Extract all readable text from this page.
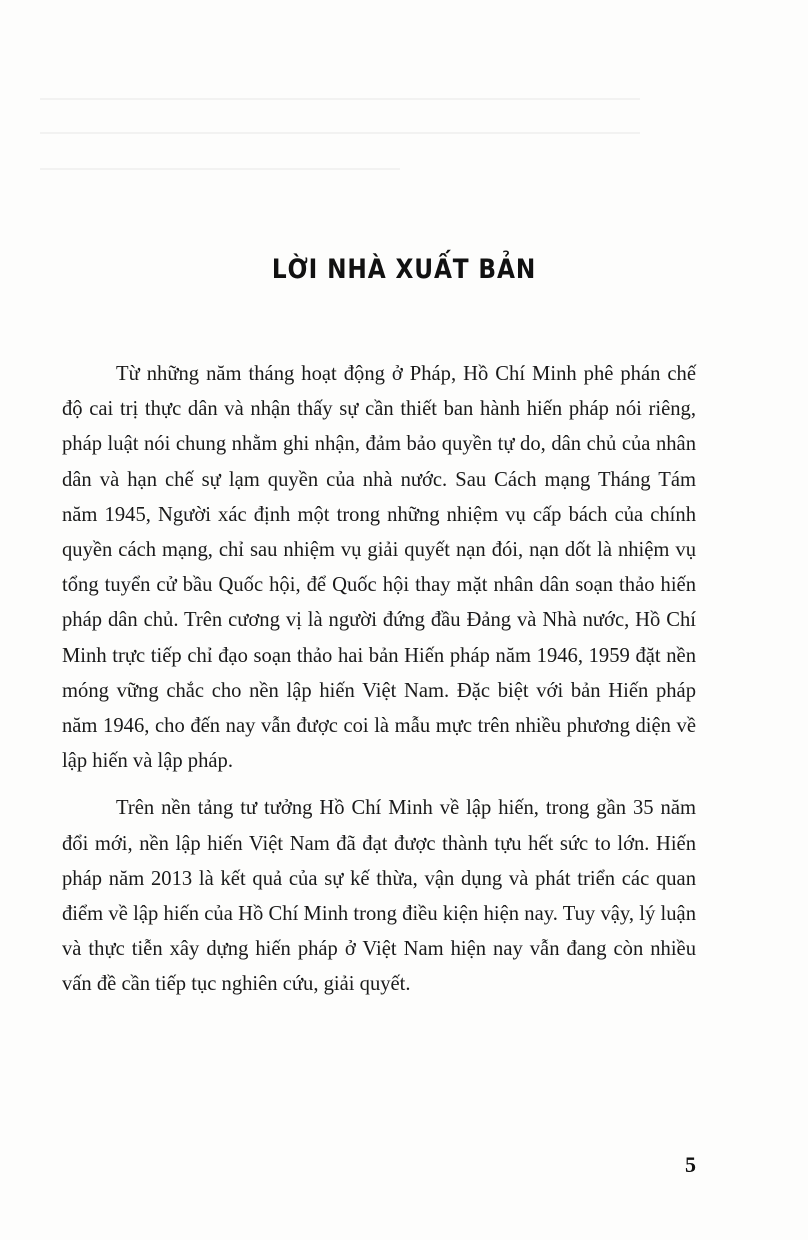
LỜI NHÀ XUẤT BẢN

Từ những năm tháng hoạt động ở Pháp, Hồ Chí Minh phê phán chế độ cai trị thực dân và nhận thấy sự cần thiết ban hành hiến pháp nói riêng, pháp luật nói chung nhằm ghi nhận, đảm bảo quyền tự do, dân chủ của nhân dân và hạn chế sự lạm quyền của nhà nước. Sau Cách mạng Tháng Tám năm 1945, Người xác định một trong những nhiệm vụ cấp bách của chính quyền cách mạng, chỉ sau nhiệm vụ giải quyết nạn đói, nạn dốt là nhiệm vụ tổng tuyển cử bầu Quốc hội, để Quốc hội thay mặt nhân dân soạn thảo hiến pháp dân chủ. Trên cương vị là người đứng đầu Đảng và Nhà nước, Hồ Chí Minh trực tiếp chỉ đạo soạn thảo hai bản Hiến pháp năm 1946, 1959 đặt nền móng vững chắc cho nền lập hiến Việt Nam. Đặc biệt với bản Hiến pháp năm 1946, cho đến nay vẫn được coi là mẫu mực trên nhiều phương diện về lập hiến và lập pháp.

Trên nền tảng tư tưởng Hồ Chí Minh về lập hiến, trong gần 35 năm đổi mới, nền lập hiến Việt Nam đã đạt được thành tựu hết sức to lớn. Hiến pháp năm 2013 là kết quả của sự kế thừa, vận dụng và phát triển các quan điểm về lập hiến của Hồ Chí Minh trong điều kiện hiện nay. Tuy vậy, lý luận và thực tiễn xây dựng hiến pháp ở Việt Nam hiện nay vẫn đang còn nhiều vấn đề cần tiếp tục nghiên cứu, giải quyết.

5
